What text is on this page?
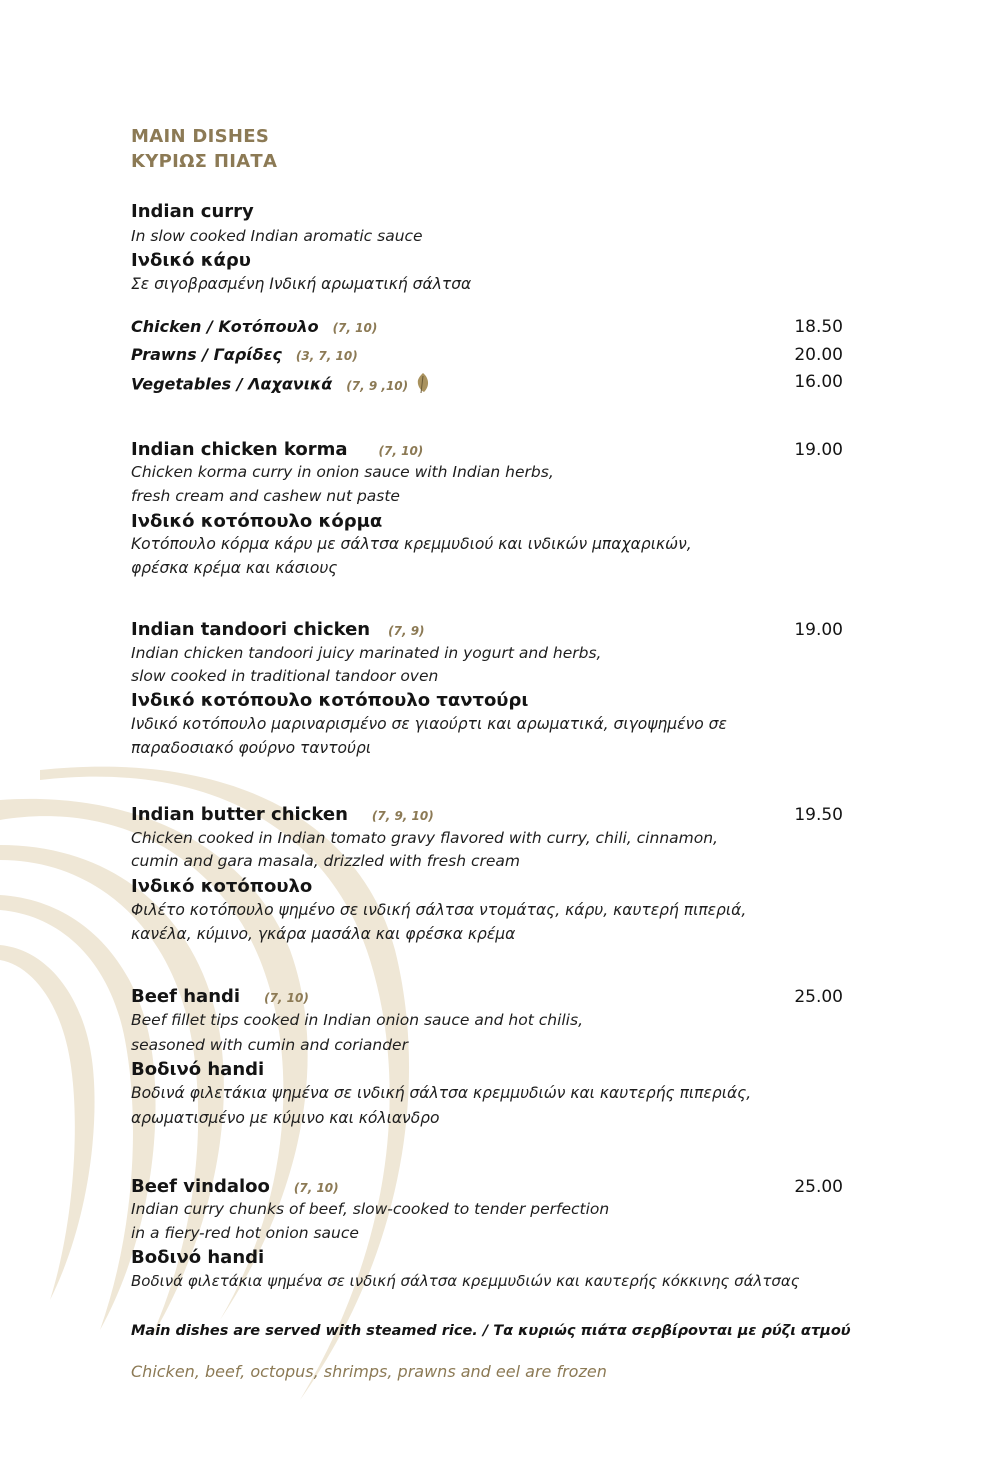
MAIN DISHES
ΚΥΡΙΩΣ ΠΙΑΤΑ
Indian curry
In slow cooked Indian aromatic sauce
Ινδικό κάρυ
Σε σιγοβρασμένη Ινδική αρωματική σάλτσα
Chicken / Κοτόπουλο (7, 10)	18.50
Prawns / Γαρίδες (3, 7, 10)	20.00
Vegetables / Λαχανικά (7, 9 ,10)	16.00
Indian chicken korma	(7, 10)	19.00
Chicken korma curry in onion sauce with Indian herbs,
fresh cream and cashew nut paste
Ινδικό κοτόπουλο κόρμα
Κοτόπουλο κόρμα κάρυ με σάλτσα κρεμμυδιού και ινδικών μπαχαρικών,
φρέσκα κρέμα και κάσιους
Indian tandoori chicken (7, 9)	19.00
Indian chicken tandoori juicy marinated in yogurt and herbs,
slow cooked in traditional tandoor oven
Ινδικό κοτόπουλο κοτόπουλο ταντούρι
Ινδικό κοτόπουλο μαριναρισμένο σε γιαούρτι και αρωματικά, σιγοψημένο σε
παραδοσιακό φούρνο ταντούρι
Indian butter chicken (7, 9, 10)	19.50
Chicken cooked in Indian tomato gravy flavored with curry, chili, cinnamon,
cumin and gara masala, drizzled with fresh cream
Ινδικό κοτόπουλο
Φιλέτο κοτόπουλο ψημένο σε ινδική σάλτσα ντομάτας, κάρυ, καυτερή πιπεριά,
κανέλα, κύμινο, γκάρα μασάλα και φρέσκα κρέμα
Beef handi (7, 10)	25.00
Beef fillet tips cooked in Indian onion sauce and hot chilis,
seasoned with cumin and coriander
Βοδινό handi
Βοδινά φιλετάκια ψημένα σε ινδική σάλτσα κρεμμυδιών και καυτερής πιπεριάς,
αρωματισμένο με κύμινο και κόλιανδρο
Beef vindaloo (7, 10)	25.00
Indian curry chunks of beef, slow-cooked to tender perfection
in a fiery-red hot onion sauce
Βοδινό handi
Βοδινά φιλετάκια ψημένα σε ινδική σάλτσα κρεμμυδιών και καυτερής κόκκινης σάλτσας
Main dishes are served with steamed rice. / Τα κυριώς πιάτα σερβίρονται με ρύζι ατμού
Chicken, beef, octopus, shrimps, prawns and eel are frozen
